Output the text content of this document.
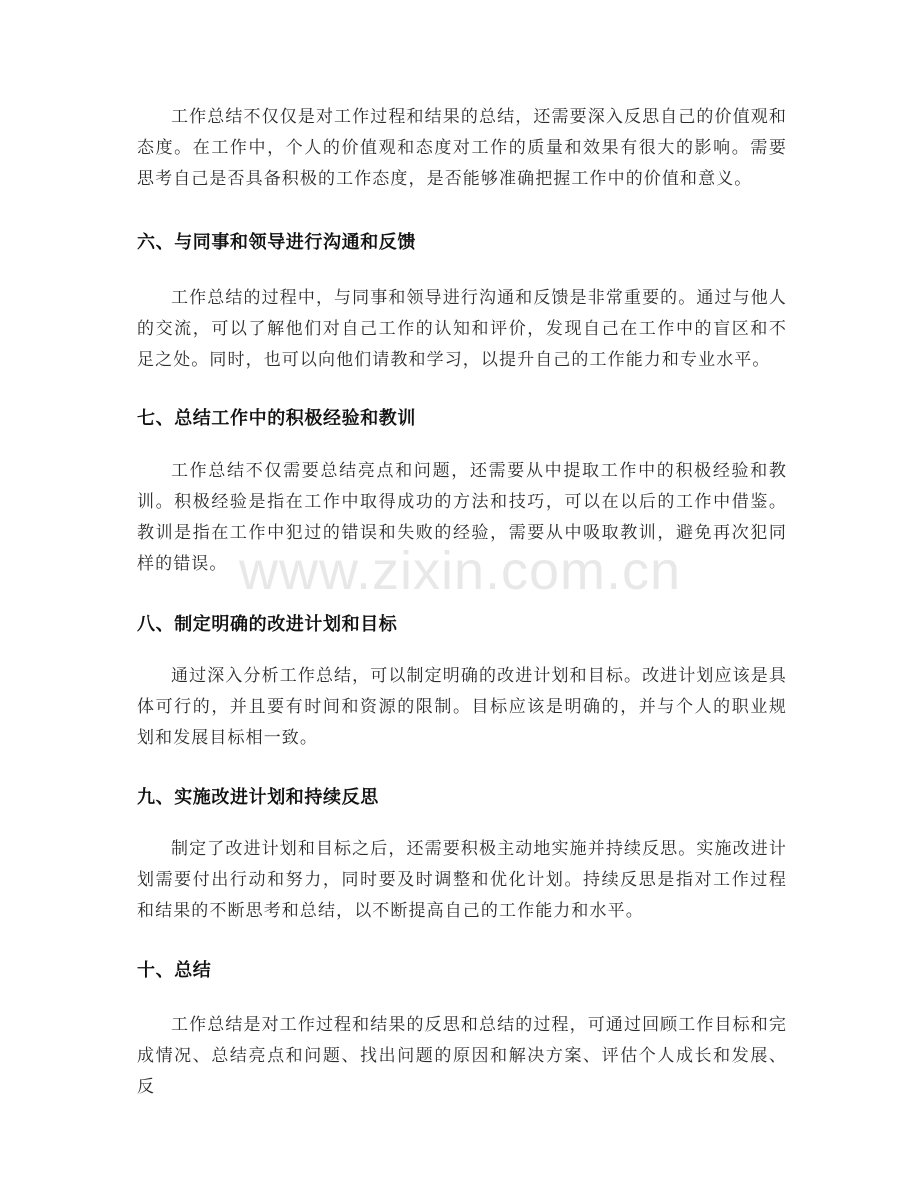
工作总结不仅仅是对工作过程和结果的总结，还需要深入反思自己的价值观和态度。在工作中，个人的价值观和态度对工作的质量和效果有很大的影响。需要思考自己是否具备积极的工作态度，是否能够准确把握工作中的价值和意义。

六、与同事和领导进行沟通和反馈

工作总结的过程中，与同事和领导进行沟通和反馈是非常重要的。通过与他人的交流，可以了解他们对自己工作的认知和评价，发现自己在工作中的盲区和不足之处。同时，也可以向他们请教和学习，以提升自己的工作能力和专业水平。

七、总结工作中的积极经验和教训

工作总结不仅需要总结亮点和问题，还需要从中提取工作中的积极经验和教训。积极经验是指在工作中取得成功的方法和技巧，可以在以后的工作中借鉴。教训是指在工作中犯过的错误和失败的经验，需要从中吸取教训，避免再次犯同样的错误。

八、制定明确的改进计划和目标

通过深入分析工作总结，可以制定明确的改进计划和目标。改进计划应该是具体可行的，并且要有时间和资源的限制。目标应该是明确的，并与个人的职业规划和发展目标相一致。

九、实施改进计划和持续反思

制定了改进计划和目标之后，还需要积极主动地实施并持续反思。实施改进计划需要付出行动和努力，同时要及时调整和优化计划。持续反思是指对工作过程和结果的不断思考和总结，以不断提高自己的工作能力和水平。

十、总结

工作总结是对工作过程和结果的反思和总结的过程，可通过回顾工作目标和完成情况、总结亮点和问题、找出问题的原因和解决方案、评估个人成长和发展、反

www.zixin.com.cn
